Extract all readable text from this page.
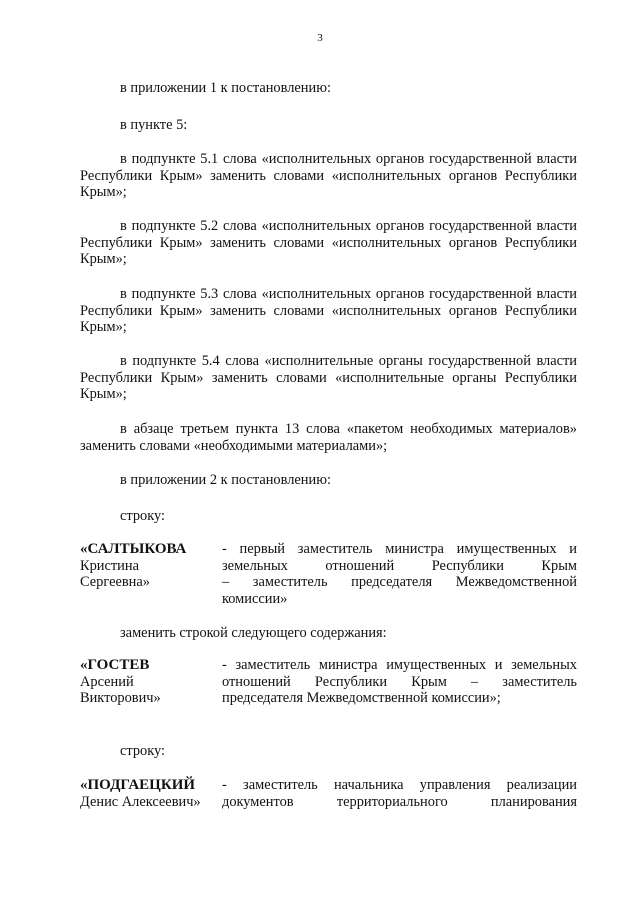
3
в приложении 1 к постановлению:
в пункте 5:
в подпункте 5.1 слова «исполнительных органов государственной власти Республики Крым» заменить словами «исполнительных органов Республики Крым»;
в подпункте 5.2 слова «исполнительных органов государственной власти Республики Крым» заменить словами «исполнительных органов Республики Крым»;
в подпункте 5.3 слова «исполнительных органов государственной власти Республики Крым» заменить словами «исполнительных органов Республики Крым»;
в подпункте 5.4 слова «исполнительные органы государственной власти Республики Крым» заменить словами «исполнительные органы Республики Крым»;
в абзаце третьем пункта 13 слова «пакетом необходимых материалов» заменить словами «необходимыми материалами»;
в приложении 2 к постановлению:
строку:
«САЛТЫКОВА
Кристина
Сергеевна»
- первый заместитель министра имущественных и
земельных отношений Республики Крым
– заместитель председателя Межведомственной
комиссии»
заменить строкой следующего содержания:
«ГОСТЕВ
Арсений
Викторович»
- заместитель министра имущественных и земельных
отношений Республики Крым – заместитель
председателя Межведомственной комиссии»;
строку:
«ПОДГАЕЦКИЙ
Денис Алексеевич»
- заместитель начальника управления реализации
документов территориального планирования
